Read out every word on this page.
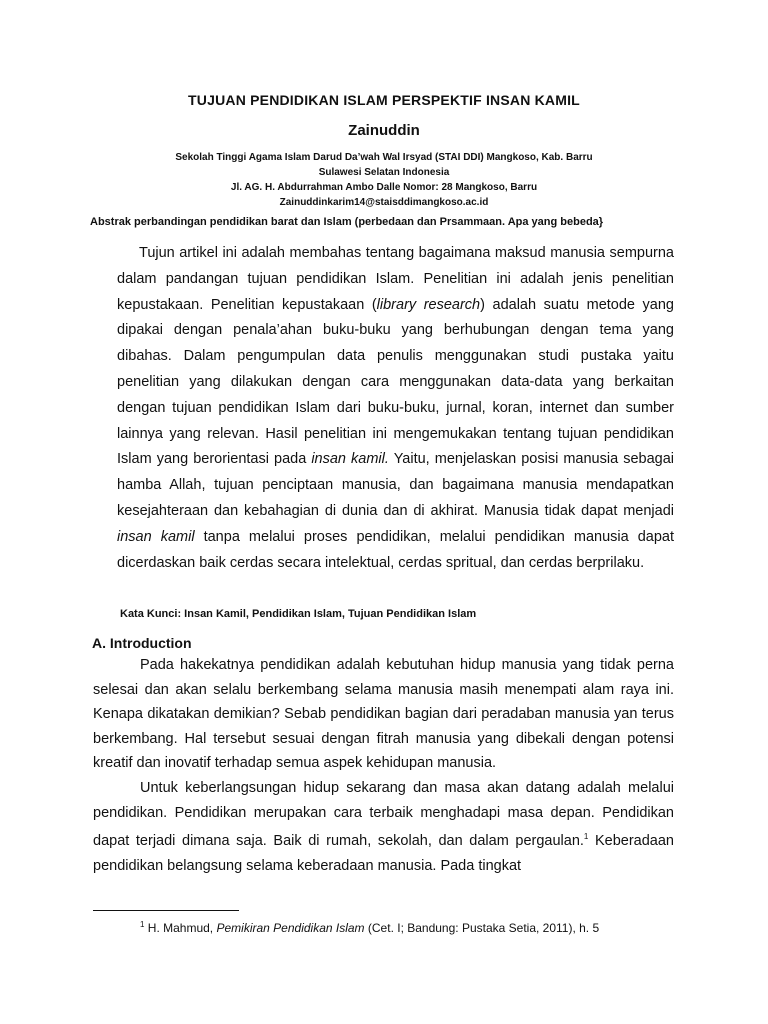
TUJUAN PENDIDIKAN ISLAM PERSPEKTIF INSAN KAMIL
Zainuddin
Sekolah Tinggi Agama Islam Darud Da’wah Wal Irsyad (STAI DDI) Mangkoso, Kab. Barru
Sulawesi Selatan Indonesia
Jl. AG. H. Abdurrahman Ambo Dalle Nomor: 28 Mangkoso, Barru
Zainuddinkarim14@staisddimangkoso.ac.id
Abstrak perbandingan pendidikan barat dan Islam (perbedaan dan Prsammaan. Apa yang bebeda}

Tujun artikel ini adalah membahas tentang bagaimana maksud manusia sempurna dalam pandangan tujuan pendidikan Islam. Penelitian ini adalah jenis penelitian kepustakaan. Penelitian kepustakaan (library research) adalah suatu metode yang dipakai dengan penala’ahan buku-buku yang berhubungan dengan tema yang dibahas. Dalam pengumpulan data penulis menggunakan studi pustaka yaitu penelitian yang dilakukan dengan cara menggunakan data-data yang berkaitan dengan tujuan pendidikan Islam dari buku-buku, jurnal, koran, internet dan sumber lainnya yang relevan. Hasil penelitian ini mengemukakan tentang tujuan pendidikan Islam yang berorientasi pada insan kamil. Yaitu, menjelaskan posisi manusia sebagai hamba Allah, tujuan penciptaan manusia, dan bagaimana manusia mendapatkan kesejahteraan dan kebahagian di dunia dan di akhirat. Manusia tidak dapat menjadi insan kamil tanpa melalui proses pendidikan, melalui pendidikan manusia dapat dicerdaskan baik cerdas secara intelektual, cerdas spritual, dan cerdas berprilaku.

Kata Kunci: Insan Kamil, Pendidikan Islam, Tujuan Pendidikan Islam
A. Introduction

Pada hakekatnya pendidikan adalah kebutuhan hidup manusia yang tidak perna selesai dan akan selalu berkembang selama manusia masih menempati alam raya ini. Kenapa dikatakan demikian? Sebab pendidikan bagian dari peradaban manusia yan terus berkembang. Hal tersebut sesuai dengan fitrah manusia yang dibekali dengan potensi kreatif dan inovatif terhadap semua aspek kehidupan manusia.

Untuk keberlangsungan hidup sekarang dan masa akan datang adalah melalui pendidikan. Pendidikan merupakan cara terbaik menghadapi masa depan. Pendidikan dapat terjadi dimana saja. Baik di rumah, sekolah, dan dalam pergaulan.$^1$ Keberadaan pendidikan belangsung selama keberadaan manusia. Pada tingkat

$^1$ H. Mahmud, Pemikiran Pendidikan Islam (Cet. I; Bandung: Pustaka Setia, 2011), h. 5
